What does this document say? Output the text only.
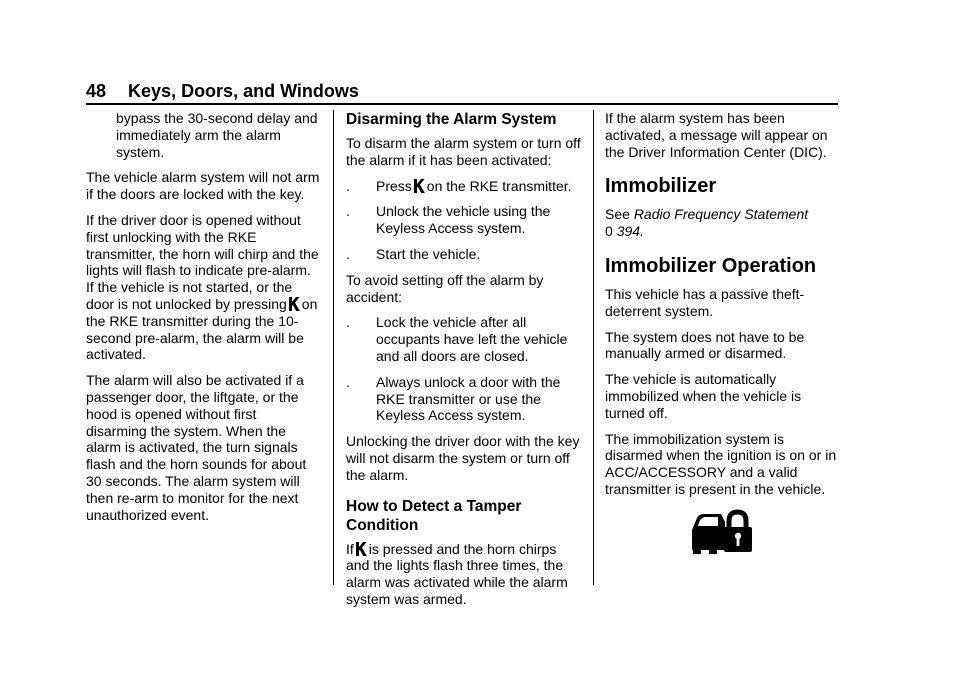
48 Keys, Doors, and Windows

bypass the 30-second delay and immediately arm the alarm system.

The vehicle alarm system will not arm if the doors are locked with the key.

If the driver door is opened without first unlocking with the RKE transmitter, the horn will chirp and the lights will flash to indicate pre-alarm. If the vehicle is not started, or the door is not unlocked by pressing on the RKE transmitter during the 10-second pre-alarm, the alarm will be activated.

The alarm will also be activated if a passenger door, the liftgate, or the hood is opened without first disarming the system. When the alarm is activated, the turn signals flash and the horn sounds for about 30 seconds. The alarm system will then re-arm to monitor for the next unauthorized event.

Disarming the Alarm System

To disarm the alarm system or turn off the alarm if it has been activated:

.	Press on the RKE transmitter.
.	Unlock the vehicle using the Keyless Access system.
.	Start the vehicle.

To avoid setting off the alarm by accident:

.	Lock the vehicle after all occupants have left the vehicle and all doors are closed.
.	Always unlock a door with the RKE transmitter or use the Keyless Access system.

Unlocking the driver door with the key will not disarm the system or turn off the alarm.

How to Detect a Tamper Condition

If is pressed and the horn chirps and the lights flash three times, the alarm was activated while the alarm system was armed.

If the alarm system has been activated, a message will appear on the Driver Information Center (DIC).

Immobilizer

See Radio Frequency Statement
0 394.

Immobilizer Operation

This vehicle has a passive theft-deterrent system.

The system does not have to be manually armed or disarmed.

The vehicle is automatically immobilized when the vehicle is turned off.

The immobilization system is disarmed when the ignition is on or in ACC/ACCESSORY and a valid transmitter is present in the vehicle.
